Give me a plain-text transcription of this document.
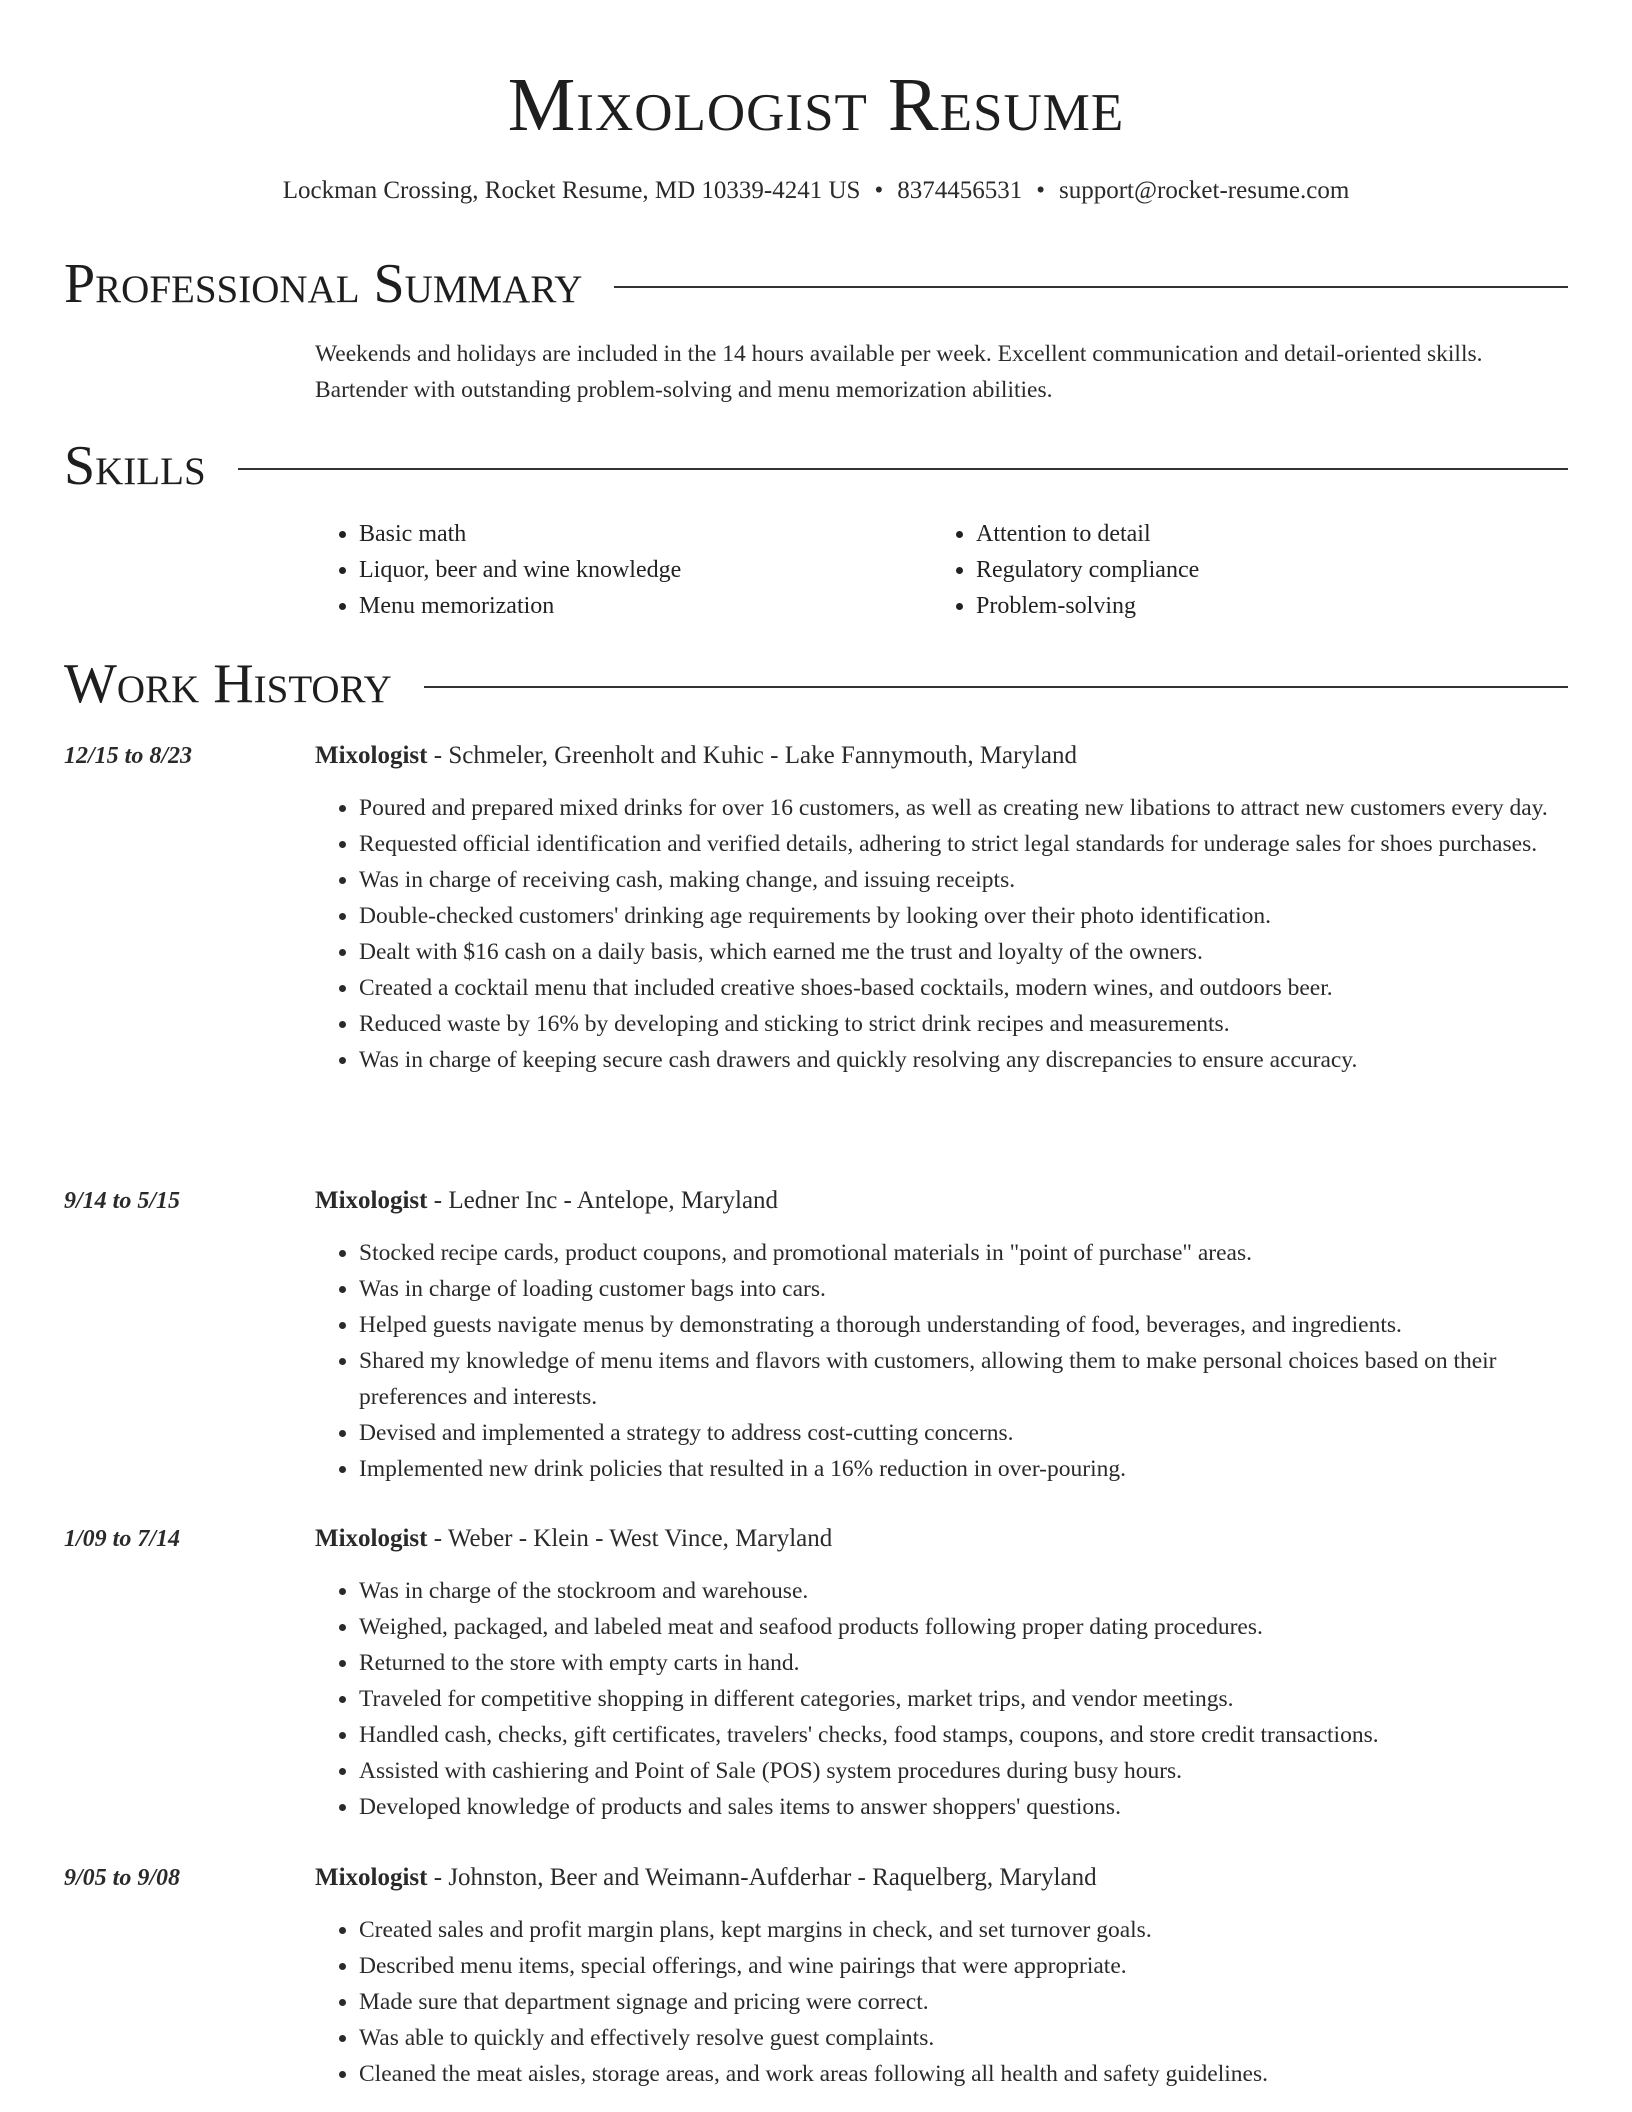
Mixologist Resume
Lockman Crossing, Rocket Resume, MD 10339-4241 US • 8374456531 • support@rocket-resume.com
Professional Summary
Weekends and holidays are included in the 14 hours available per week. Excellent communication and detail-oriented skills. Bartender with outstanding problem-solving and menu memorization abilities.
Skills
• Basic math
• Liquor, beer and wine knowledge
• Menu memorization
• Attention to detail
• Regulatory compliance
• Problem-solving
Work History
12/15 to 8/23	Mixologist - Schmeler, Greenholt and Kuhic - Lake Fannymouth, Maryland
• Poured and prepared mixed drinks for over 16 customers, as well as creating new libations to attract new customers every day.
• Requested official identification and verified details, adhering to strict legal standards for underage sales for shoes purchases.
• Was in charge of receiving cash, making change, and issuing receipts.
• Double-checked customers' drinking age requirements by looking over their photo identification.
• Dealt with $16 cash on a daily basis, which earned me the trust and loyalty of the owners.
• Created a cocktail menu that included creative shoes-based cocktails, modern wines, and outdoors beer.
• Reduced waste by 16% by developing and sticking to strict drink recipes and measurements.
• Was in charge of keeping secure cash drawers and quickly resolving any discrepancies to ensure accuracy.
9/14 to 5/15	Mixologist - Ledner Inc - Antelope, Maryland
• Stocked recipe cards, product coupons, and promotional materials in "point of purchase" areas.
• Was in charge of loading customer bags into cars.
• Helped guests navigate menus by demonstrating a thorough understanding of food, beverages, and ingredients.
• Shared my knowledge of menu items and flavors with customers, allowing them to make personal choices based on their preferences and interests.
• Devised and implemented a strategy to address cost-cutting concerns.
• Implemented new drink policies that resulted in a 16% reduction in over-pouring.
1/09 to 7/14	Mixologist - Weber - Klein - West Vince, Maryland
• Was in charge of the stockroom and warehouse.
• Weighed, packaged, and labeled meat and seafood products following proper dating procedures.
• Returned to the store with empty carts in hand.
• Traveled for competitive shopping in different categories, market trips, and vendor meetings.
• Handled cash, checks, gift certificates, travelers' checks, food stamps, coupons, and store credit transactions.
• Assisted with cashiering and Point of Sale (POS) system procedures during busy hours.
• Developed knowledge of products and sales items to answer shoppers' questions.
9/05 to 9/08	Mixologist - Johnston, Beer and Weimann-Aufderhar - Raquelberg, Maryland
• Created sales and profit margin plans, kept margins in check, and set turnover goals.
• Described menu items, special offerings, and wine pairings that were appropriate.
• Made sure that department signage and pricing were correct.
• Was able to quickly and effectively resolve guest complaints.
• Cleaned the meat aisles, storage areas, and work areas following all health and safety guidelines.
